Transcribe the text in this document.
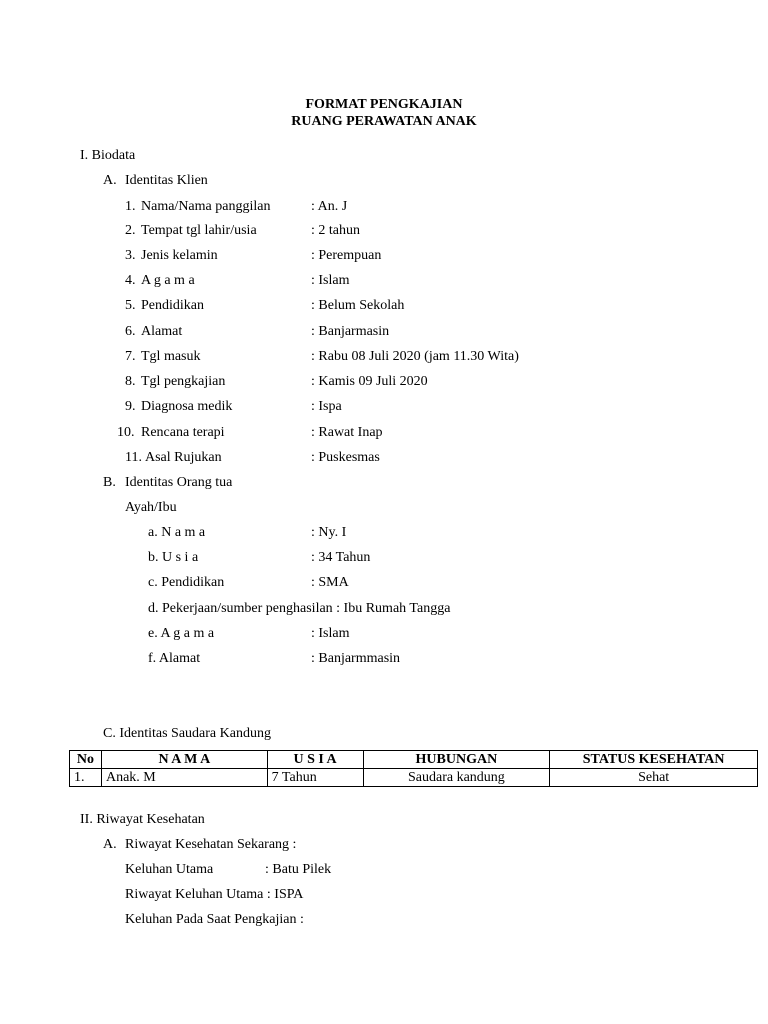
FORMAT PENGKAJIAN
RUANG PERAWATAN ANAK
I. Biodata
A. Identitas Klien
1. Nama/Nama panggilan	: An. J
2. Tempat tgl lahir/usia	: 2 tahun
3. Jenis kelamin	: Perempuan
4. A g a m a	: Islam
5. Pendidikan	: Belum Sekolah
6. Alamat	: Banjarmasin
7. Tgl masuk	: Rabu 08 Juli 2020 (jam 11.30 Wita)
8. Tgl pengkajian	: Kamis 09 Juli 2020
9. Diagnosa medik	: Ispa
10. Rencana terapi	: Rawat Inap
11. Asal Rujukan	: Puskesmas
B. Identitas Orang tua
Ayah/Ibu
a. N a m a	: Ny. I
b. U s i a	: 34 Tahun
c. Pendidikan	: SMA
d. Pekerjaan/sumber penghasilan : Ibu Rumah Tangga
e. A g a m a	: Islam
f. Alamat	: Banjarmmasin
C. Identitas Saudara Kandung
No	N A M A	U S I A	HUBUNGAN	STATUS KESEHATAN
1.	Anak. M	7 Tahun	Saudara kandung	Sehat
II. Riwayat Kesehatan
A. Riwayat Kesehatan Sekarang :
Keluhan Utama	: Batu Pilek
Riwayat Keluhan Utama : ISPA
Keluhan Pada Saat Pengkajian :
